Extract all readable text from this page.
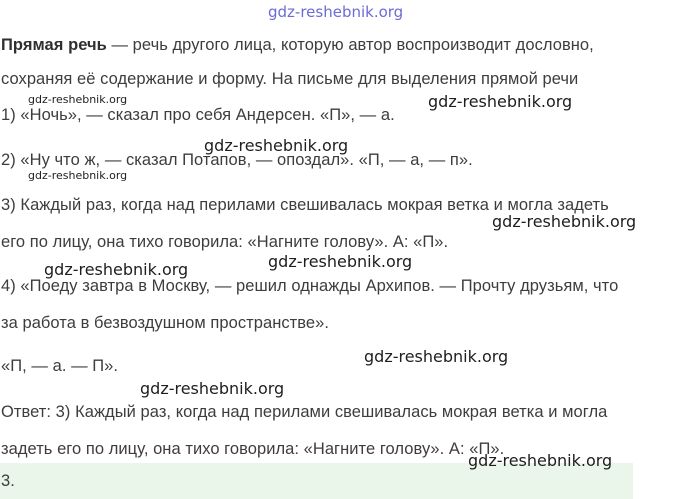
gdz-reshebnik.org
Прямая речь — речь другого лица, которую автор воспроизводит дословно,
сохраняя её содержание и форму. На письме для выделения прямой речи
gdz-reshebnik.org	gdz-reshebnik.org
1) «Ночь», — сказал про себя Андерсен. «П», — а.
gdz-reshebnik.org
2) «Ну что ж, — сказал Потапов, — опоздал». «П, — а, — п».
gdz-reshebnik.org
3) Каждый раз, когда над перилами свешивалась мокрая ветка и могла задеть
gdz-reshebnik.org
его по лицу, она тихо говорила: «Нагните голову». А: «П».
gdz-reshebnik.org
gdz-reshebnik.org
4) «Поеду завтра в Москву, — решил однажды Архипов. — Прочту друзьям, что
за работа в безвоздушном пространстве».
gdz-reshebnik.org
«П, — а. — П».
gdz-reshebnik.org
Ответ: 3) Каждый раз, когда над перилами свешивалась мокрая ветка и могла
задеть его по лицу, она тихо говорила: «Нагните голову». А: «П».
3.
gdz-reshebnik.org
